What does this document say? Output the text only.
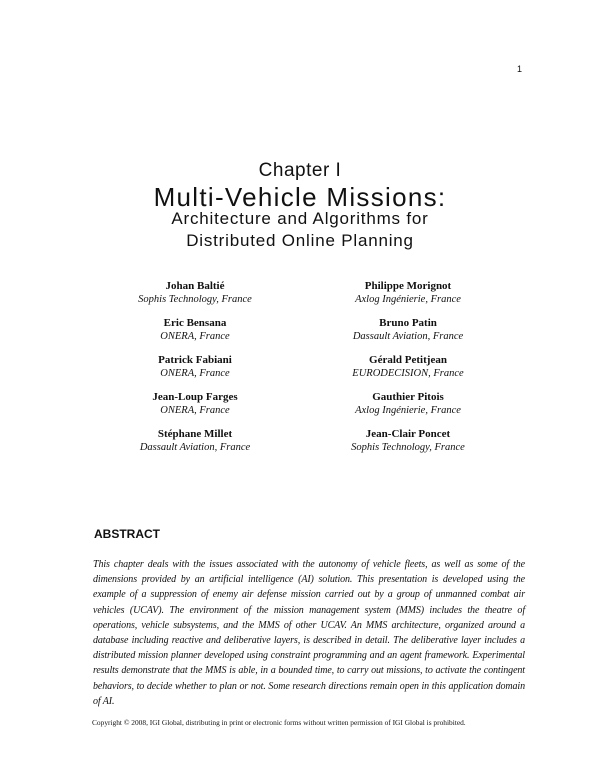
1
Chapter I
Multi-Vehicle Missions:
Architecture and Algorithms for
Distributed Online Planning
Johan Baltié
Sophis Technology, France
Eric Bensana
ONERA, France
Patrick Fabiani
ONERA, France
Jean-Loup Farges
ONERA, France
Stéphane Millet
Dassault Aviation, France
Philippe Morignot
Axlog Ingénierie, France
Bruno Patin
Dassault Aviation, France
Gérald Petitjean
EURODECISION, France
Gauthier Pitois
Axlog Ingénierie, France
Jean-Clair Poncet
Sophis Technology, France
ABSTRACT
This chapter deals with the issues associated with the autonomy of vehicle fleets, as well as some of the dimensions provided by an artificial intelligence (AI) solution. This presentation is developed using the example of a suppression of enemy air defense mission carried out by a group of unmanned combat air vehicles (UCAV). The environment of the mission management system (MMS) includes the theatre of operations, vehicle subsystems, and the MMS of other UCAV. An MMS architecture, organized around a database including reactive and deliberative layers, is described in detail. The deliberative layer includes a distributed mission planner developed using constraint programming and an agent framework. Experimental results demonstrate that the MMS is able, in a bounded time, to carry out missions, to activate the contingent behaviors, to decide whether to plan or not. Some research directions remain open in this application domain of AI.
Copyright © 2008, IGI Global, distributing in print or electronic forms without written permission of IGI Global is prohibited.
